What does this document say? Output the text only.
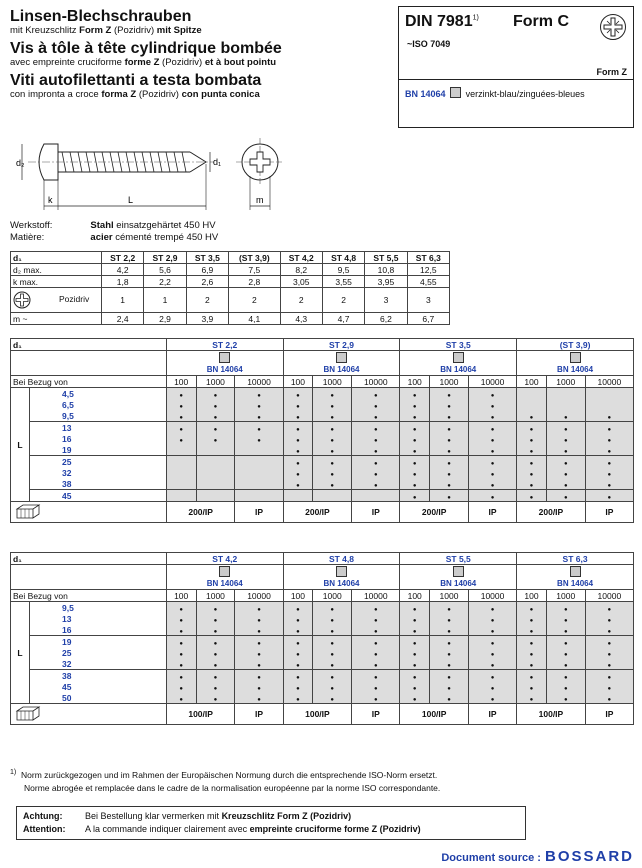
Linsen-Blechschrauben

mit Kreuzschlitz Form Z (Pozidriv) mit Spitze

Vis à tôle à tête cylindrique bombée

avec empreinte cruciforme forme Z (Pozidriv) et à bout pointu

Viti autofilettanti a testa bombata

con impronta a croce forma Z (Pozidriv) con punta conica

DIN 7981$^{1)}$ Form C
~ISO 7049
Form Z
BN 14064 verzinkt-blau/zinguées-bleues
d₂	d₁
k	L	m
Werkstoff:	Stahl einsatzgehärtet 450 HV
Matière:	acier cémenté trempé 450 HV
d₁	ST 2,2	ST 2,9	ST 3,5	(ST 3,9)	ST 4,2	ST 4,8	ST 5,5	ST 6,3
d₂ max.	4,2	5,6	6,9	7,5	8,2	9,5	10,8	12,5
k max.	1,8	2,2	2,6	2,8	3,05	3,55	3,95	4,55
Pozidriv	1	1	2	2	2	2	3	3
m ~	2,4	2,9	3,9	4,1	4,3	4,7	6,2	6,7
d₁		ST 2,2			ST 2,9			ST 3,5			(ST 3,9)		

		BN 14064			BN 14064			BN 14064			BN 14064		
Bei Bezug von		100	1000	10000	100	1000	10000	100	1000	10000	100	1000	10000
L	4,5	●	●	●	●	●	●	●	●	●			
	6,5	●	●	●	●	●	●	●	●	●			
	9,5	●	●	●	●	●	●	●	●	●	●	●	●
	13	●	●	●	●	●	●	●	●	●	●	●	●
	16	●	●	●	●	●	●	●	●	●	●	●	●
	19				●	●	●	●	●	●	●	●	●
	25				●	●	●	●	●	●	●	●	●
	32				●	●	●	●	●	●	●	●	●
	38				●	●	●	●	●	●	●	●	●
	45							●	●	●	●	●	●
	200/IP		IP	200/IP		IP	200/IP		IP	200/IP		IP
d₁		ST 4,2			ST 4,8			ST 5,5			ST 6,3		

		BN 14064			BN 14064			BN 14064			BN 14064		
Bei Bezug von		100	1000	10000	100	1000	10000	100	1000	10000	100	1000	10000
L	9,5	●	●	●	●	●	●	●	●	●	●	●	●
	13	●	●	●	●	●	●	●	●	●	●	●	●
	16	●	●	●	●	●	●	●	●	●	●	●	●
	19	●	●	●	●	●	●	●	●	●	●	●	●
	25	●	●	●	●	●	●	●	●	●	●	●	●
	32	●	●	●	●	●	●	●	●	●	●	●	●
	38	●	●	●	●	●	●	●	●	●	●	●	●
	45	●	●	●	●	●	●	●	●	●	●	●	●
	50	●	●	●	●	●	●	●	●	●	●	●	●
	100/IP		IP	100/IP		IP	100/IP		IP	100/IP		IP
$^{1)}$ Norm zurückgezogen und im Rahmen der Europäischen Normung durch die entsprechende ISO-Norm ersetzt.
Norme abrogée et remplacée dans le cadre de la normalisation européenne par la norme ISO correspondante.
Achtung:	Bei Bestellung klar vermerken mit Kreuzschlitz Form Z (Pozidriv)
Attention: A la commande indiquer clairement avec empreinte cruciforme forme Z (Pozidriv)
Document source : BOSSARD
